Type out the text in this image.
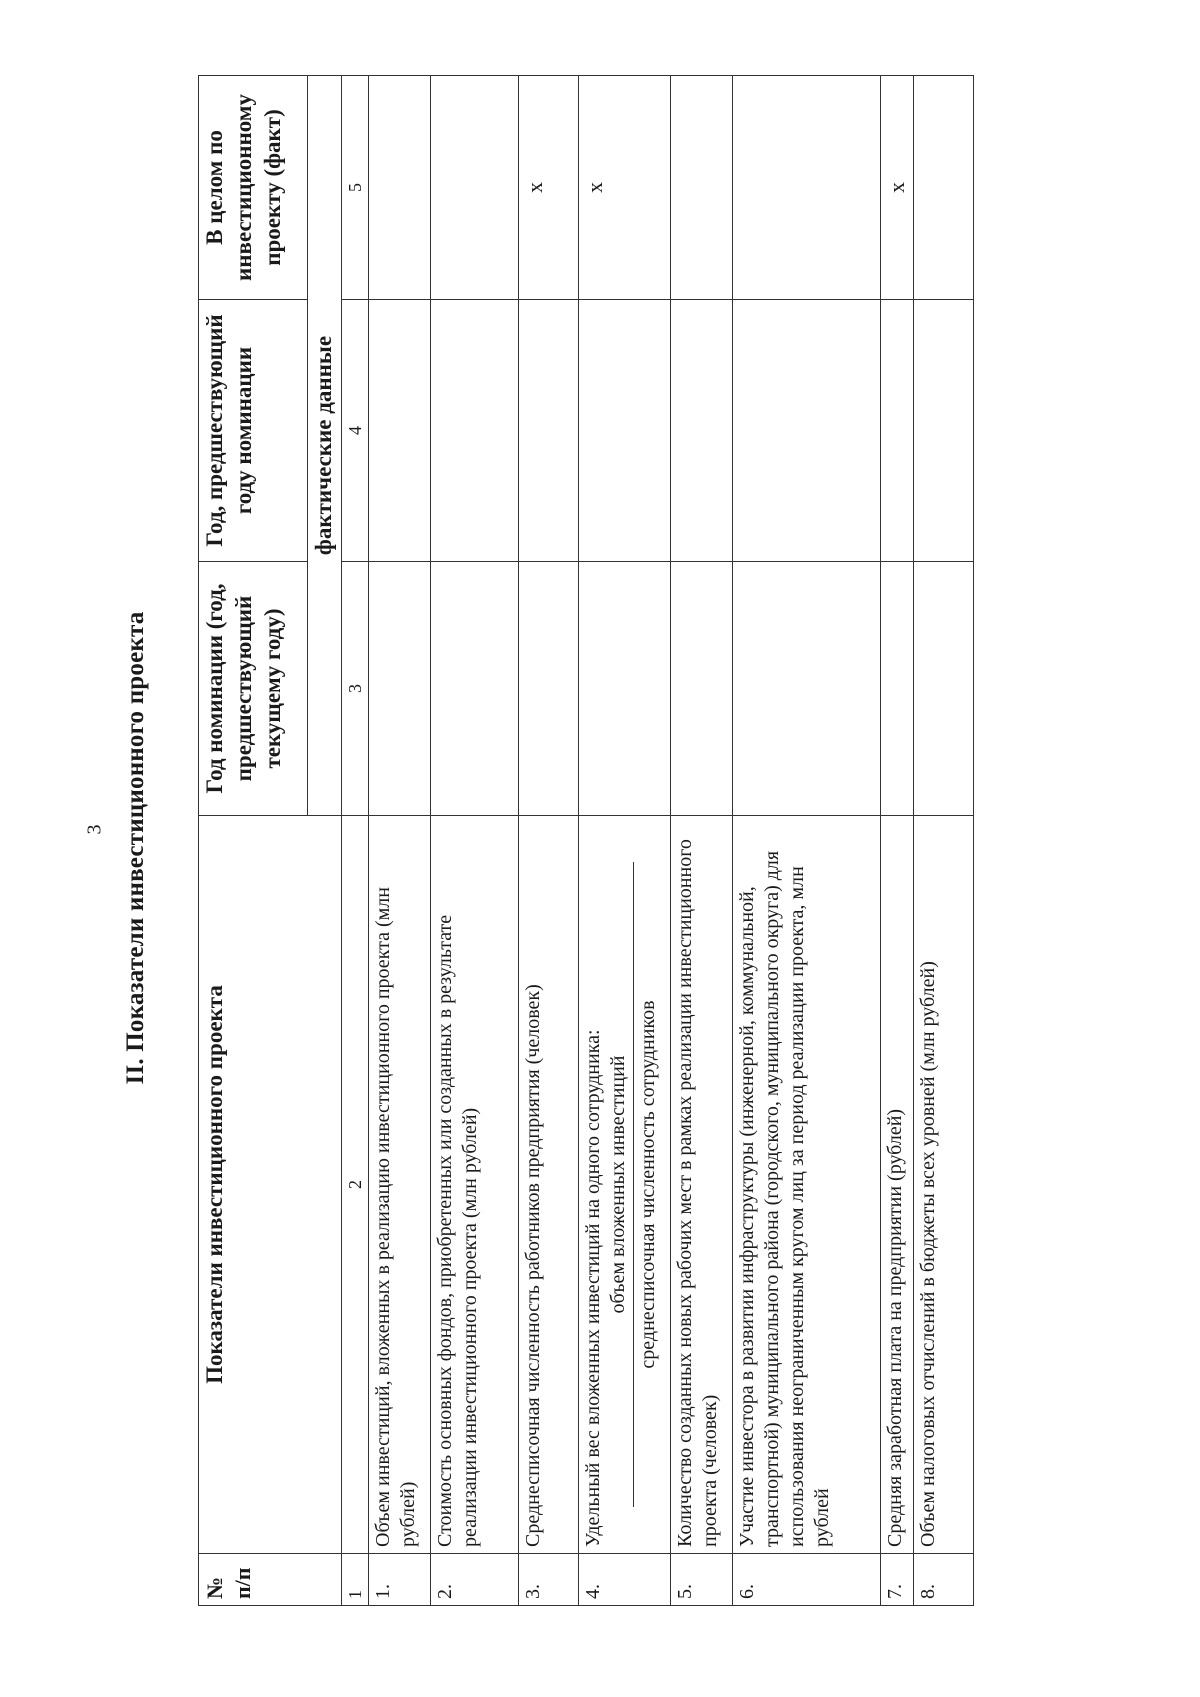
3 II. Показатели инвестиционного проекта
№ п/п	Показатели инвестиционного проекта	Год номинации (год, предшествующий текущему году)	Год, предшествующий году номинации	В целом по инвестиционному проекту (факт)
		фактические данные		
1	2	3	4	5
1.	Объем инвестиций, вложенных в реализацию инвестиционного проекта (млн рублей)			
2.	Стоимость основных фондов, приобретенных или созданных в результате реализации инвестиционного проекта (млн рублей)			
3.	Среднесписочная численность работников предприятия (человек)			х
4.	Удельный вес вложенных инвестиций на одного сотрудника: объем вложенных инвестиций среднесписочная численность сотрудников			х
5.	Количество созданных новых рабочих мест в рамках реализации инвестиционного проекта (человек)			
6.	Участие инвестора в развитии инфраструктуры (инженерной, коммунальной, транспортной) муниципального района (городского, муниципального округа) для использования неограниченным кругом лиц за период реализации проекта, млн рублей			
7.	Средняя заработная плата на предприятии (рублей)			х
8.	Объем налоговых отчислений в бюджеты всех уровней (млн рублей)			
